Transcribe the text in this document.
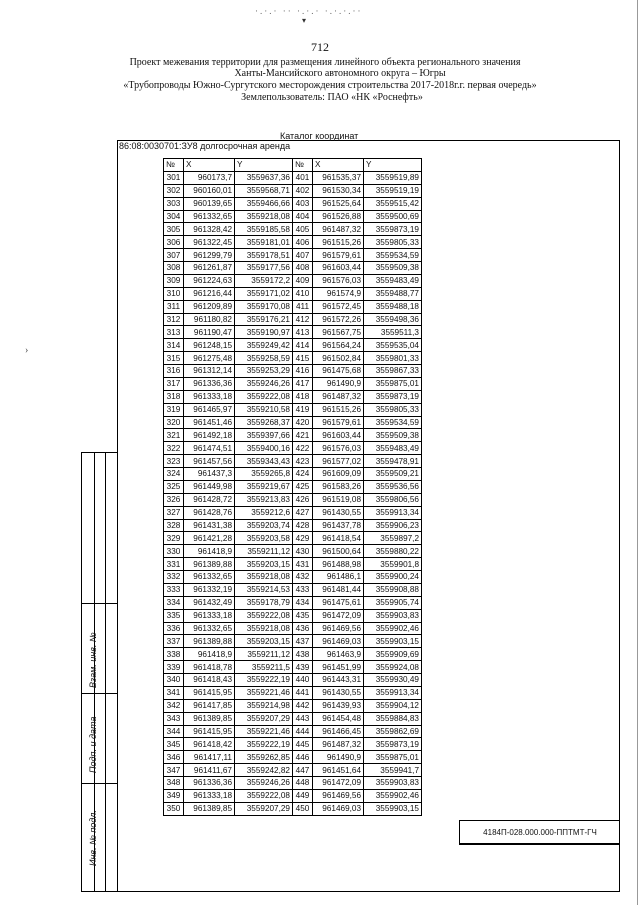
·.·.· ·· ·.·.· ·.·.·.··
▾
712
Проект межевания территории для размещения линейного объекта регионального значения
Ханты-Мансийского автономного округа – Югры
«Трубопроводы Южно-Сургутского месторождения строительства 2017-2018г.г. первая очередь»
Землепользователь: ПАО «НК «Роснефть»
Каталог координат
86:08:0030701:ЗУ8 долгосрочная аренда
Взам. инв. №
Подп. и дата
Инв. № подл.
›
№	X	Y	№	X	Y
301	960173,7	3559637,36	401	961535,37	3559519,89
302	960160,01	3559568,71	402	961530,34	3559519,19
303	960139,65	3559466,66	403	961525,64	3559515,42
304	961332,65	3559218,08	404	961526,88	3559500,69
305	961328,42	3559185,58	405	961487,32	3559873,19
306	961322,45	3559181,01	406	961515,26	3559805,33
307	961299,79	3559178,51	407	961579,61	3559534,59
308	961261,87	3559177,56	408	961603,44	3559509,38
309	961224,63	3559172,2	409	961576,03	3559483,49
310	961216,44	3559171,02	410	961574,9	3559488,77
311	961209,89	3559170,08	411	961572,45	3559488,18
312	961180,82	3559176,21	412	961572,26	3559498,36
313	961190,47	3559190,97	413	961567,75	3559511,3
314	961248,15	3559249,42	414	961564,24	3559535,04
315	961275,48	3559258,59	415	961502,84	3559801,33
316	961312,14	3559253,29	416	961475,68	3559867,33
317	961336,36	3559246,26	417	961490,9	3559875,01
318	961333,18	3559222,08	418	961487,32	3559873,19
319	961465,97	3559210,58	419	961515,26	3559805,33
320	961451,46	3559268,37	420	961579,61	3559534,59
321	961492,18	3559397,66	421	961603,44	3559509,38
322	961474,51	3559400,16	422	961576,03	3559483,49
323	961457,56	3559343,43	423	961577,02	3559478,91
324	961437,3	3559265,8	424	961609,09	3559509,21
325	961449,98	3559219,67	425	961583,26	3559536,56
326	961428,72	3559213,83	426	961519,08	3559806,56
327	961428,76	3559212,6	427	961430,55	3559913,34
328	961431,38	3559203,74	428	961437,78	3559906,23
329	961421,28	3559203,58	429	961418,54	3559897,2
330	961418,9	3559211,12	430	961500,64	3559880,22
331	961389,88	3559203,15	431	961488,98	3559901,8
332	961332,65	3559218,08	432	961486,1	3559900,24
333	961332,19	3559214,53	433	961481,44	3559908,88
334	961432,49	3559178,79	434	961475,61	3559905,74
335	961333,18	3559222,08	435	961472,09	3559903,83
336	961332,65	3559218,08	436	961469,56	3559902,46
337	961389,88	3559203,15	437	961469,03	3559903,15
338	961418,9	3559211,12	438	961463,9	3559909,69
339	961418,78	3559211,5	439	961451,99	3559924,08
340	961418,43	3559222,19	440	961443,31	3559930,49
341	961415,95	3559221,46	441	961430,55	3559913,34
342	961417,85	3559214,98	442	961439,93	3559904,12
343	961389,85	3559207,29	443	961454,48	3559884,83
344	961415,95	3559221,46	444	961466,45	3559862,69
345	961418,42	3559222,19	445	961487,32	3559873,19
346	961417,11	3559262,85	446	961490,9	3559875,01
347	961411,67	3559242,82	447	961451,64	3559941,7
348	961336,36	3559246,26	448	961472,09	3559903,83
349	961333,18	3559222,08	449	961469,56	3559902,46
350	961389,85	3559207,29	450	961469,03	3559903,15
4184П-028.000.000-ППТМТ-ГЧ
